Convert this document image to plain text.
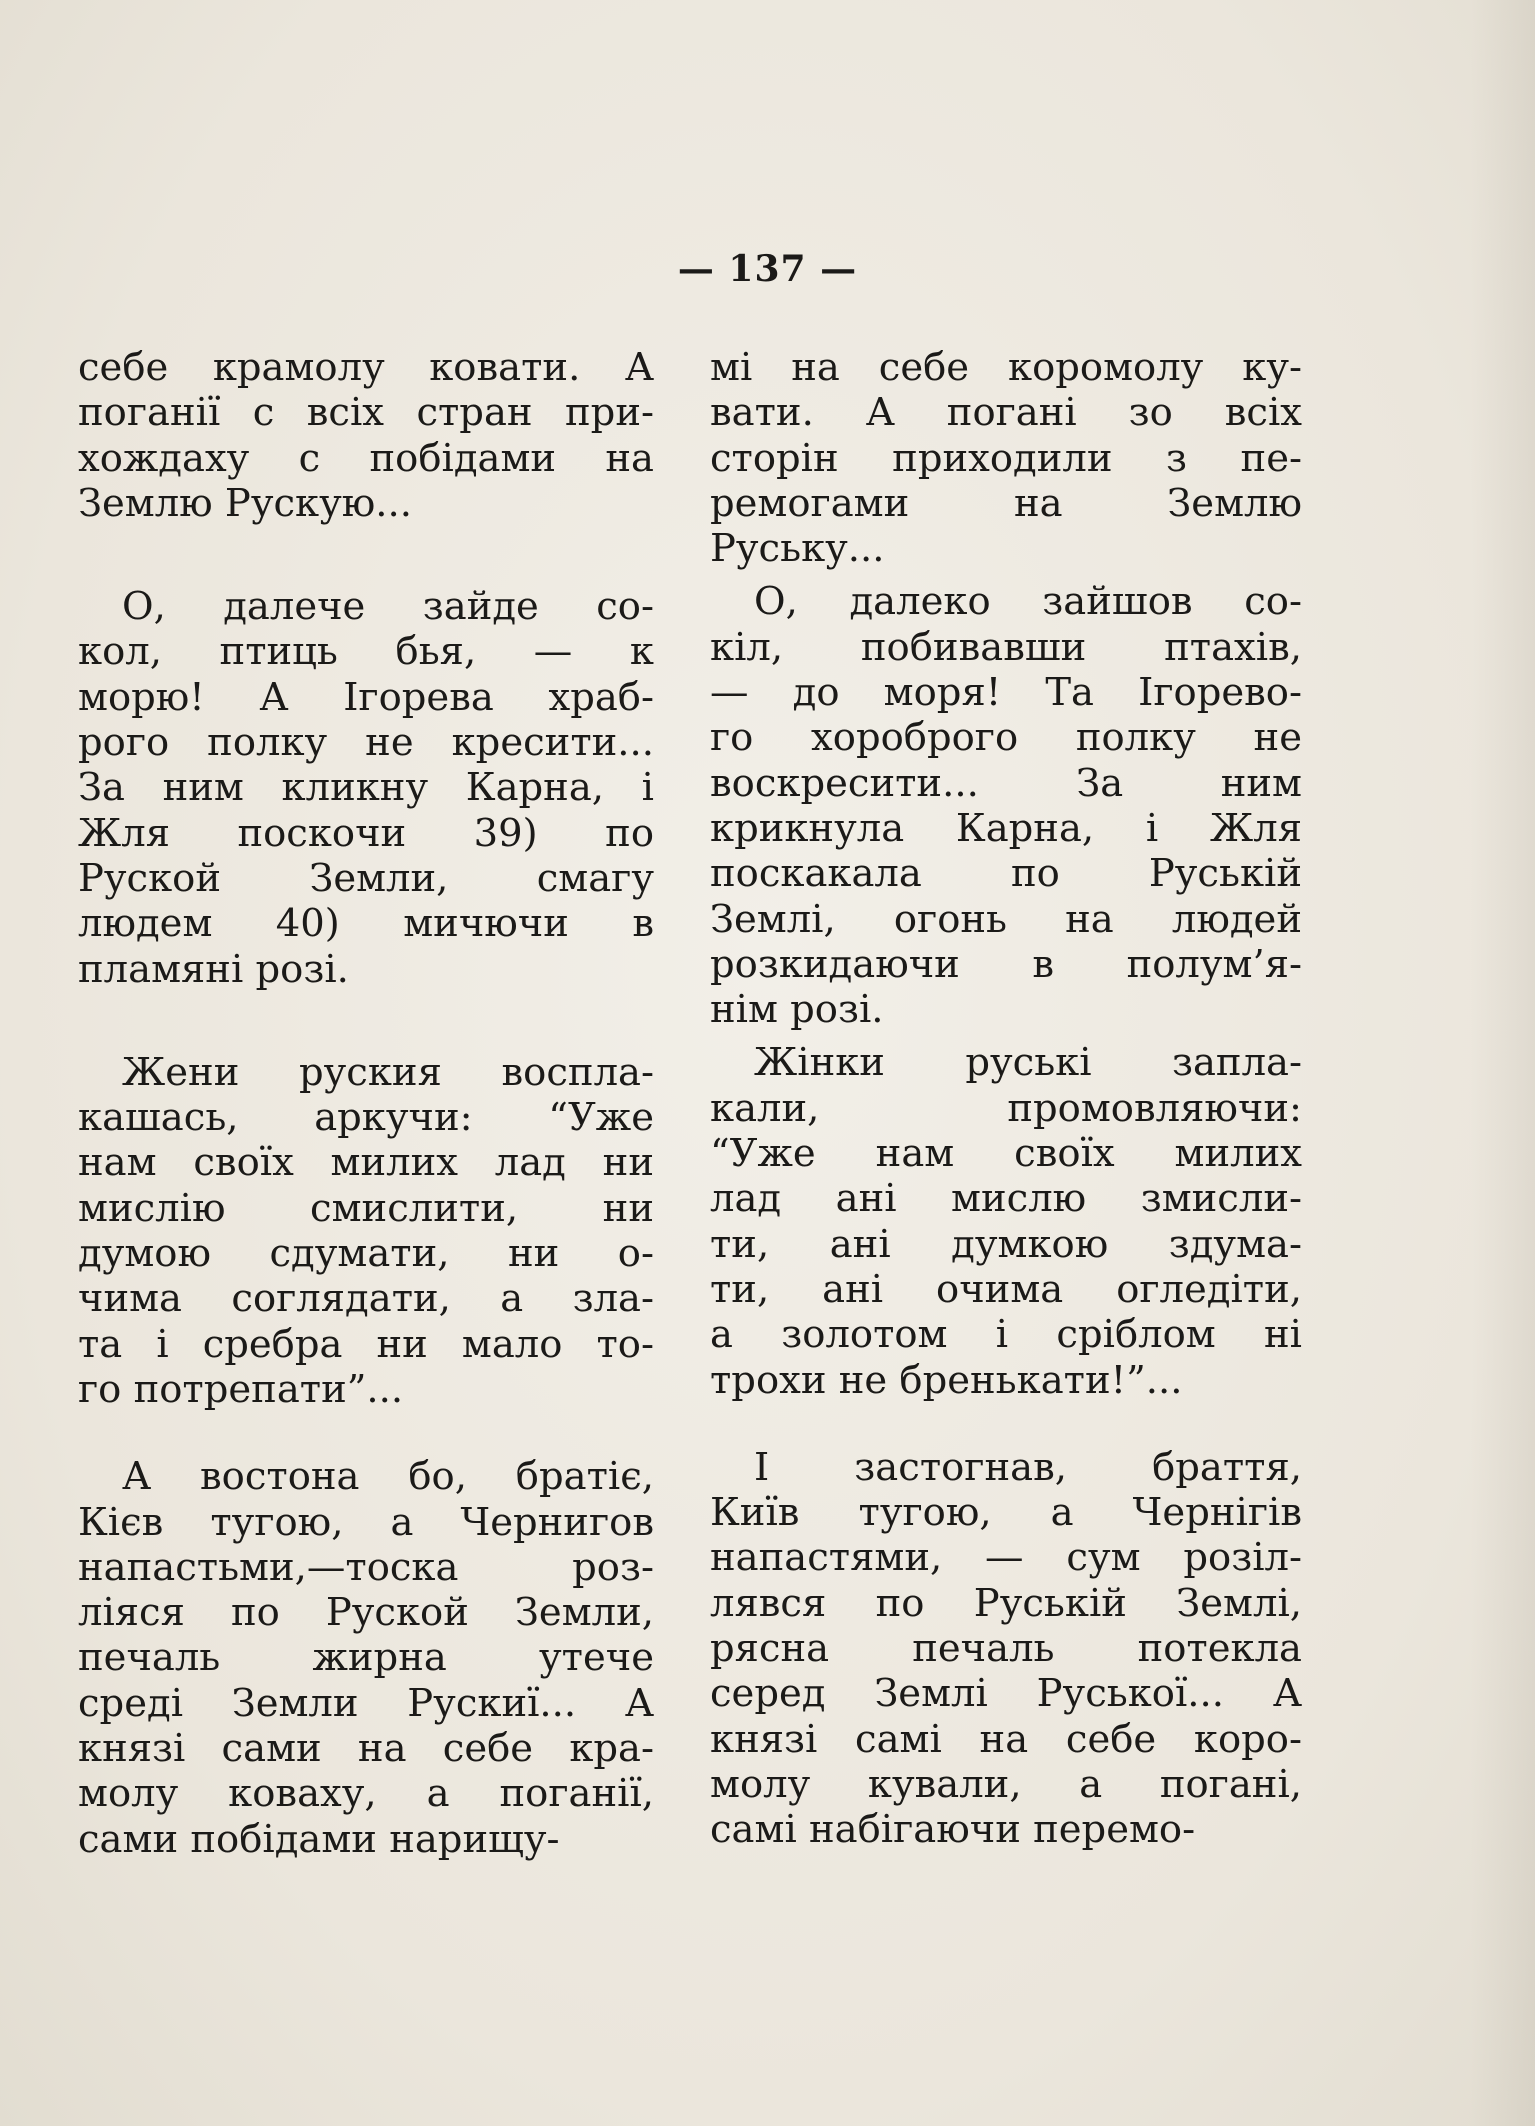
— 137 —

себе крамолу ковати. А
поганії с всіх стран при-
хождаху с побідами на
Землю Рускую...

О, далече зайде со-
кол, птиць бья, — к
морю! А Ігорева храб-
рого полку не кресити...
За ним кликну Карна, і
Жля поскочи 39) по
Руской Земли, смагу
людем 40) мичючи в
пламяні розі.

Жени руския воспла-
кашась, аркучи: “Уже
нам своїх милих лад ни
мислію смислити, ни
думою сдумати, ни о-
чима соглядати, а зла-
та і сребра ни мало то-
го потрепати”...

А востона бо, братіє,
Кієв тугою, а Чернигов
напастьми,—тоска роз-
ліяся по Руской Земли,
печаль жирна утече
среді Земли Рускиї... А
князі сами на себе кра-
молу коваху, а поганії,
сами побідами нарищу-

мі на себе коромолу ку-
вати. А погані зо всіх
сторін приходили з пе-
ремогами на Землю
Руську...

О, далеко зайшов со-
кіл, побивавши птахів,
— до моря! Та Ігорево-
го хороброго полку не
воскресити... За ним
крикнула Карна, і Жля
поскакала по Руській
Землі, огонь на людей
розкидаючи в полум’я-
нім розі.

Жінки руські запла-
кали, промовляючи:
“Уже нам своїх милих
лад ані мислю змисли-
ти, ані думкою здума-
ти, ані очима огледіти,
а золотом і сріблом ні
трохи не бренькати!”...

І застогнав, браття,
Київ тугою, а Чернігів
напастями, — сум розіл-
лявся по Руській Землі,
рясна печаль потекла
серед Землі Руської... А
князі самі на себе коро-
молу кували, а погані,
самі набігаючи перемо-
